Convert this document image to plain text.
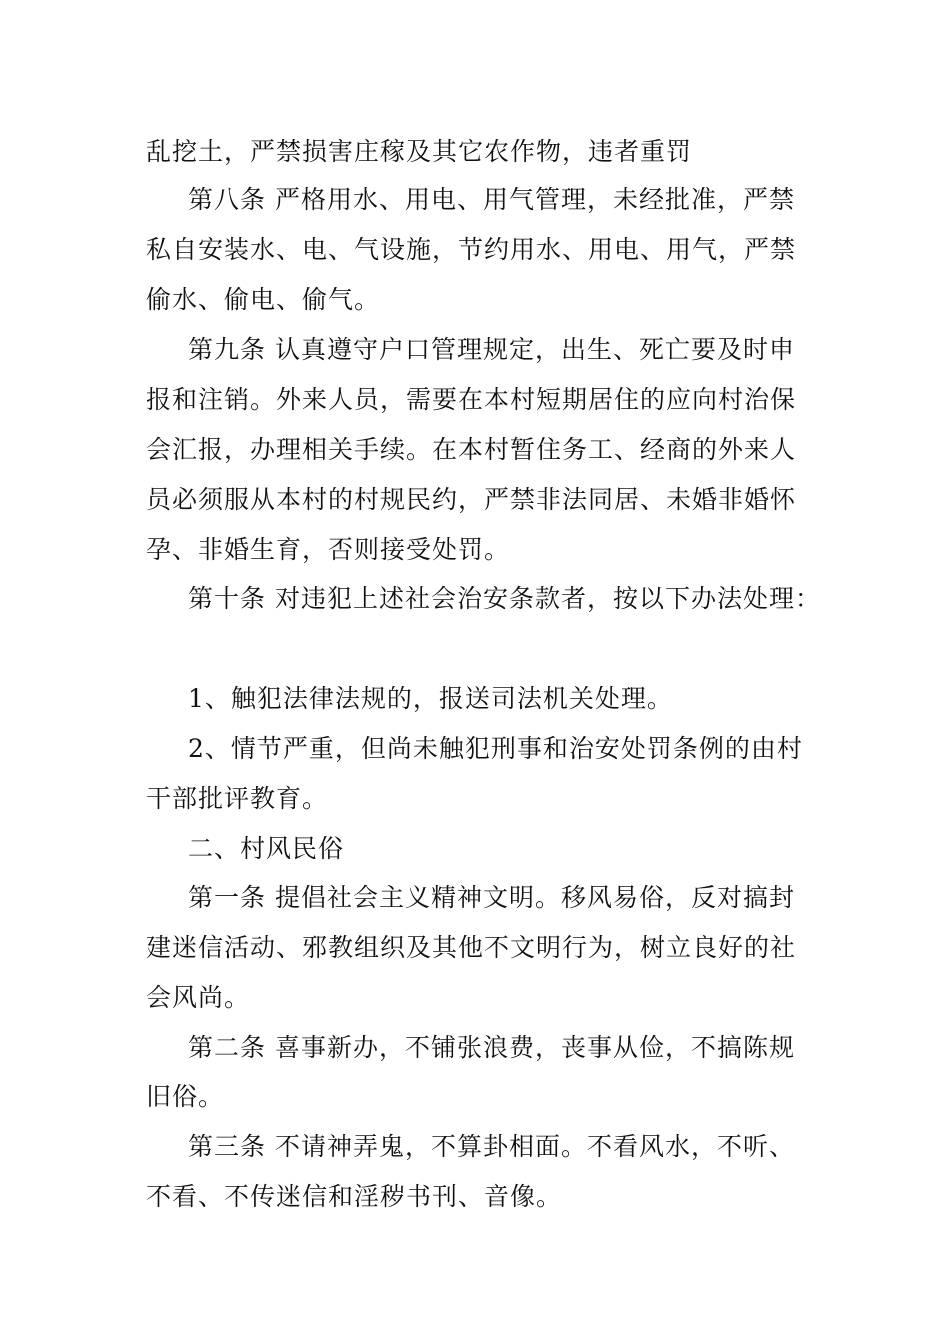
乱挖土，严禁损害庄稼及其它农作物，违者重罚
第八条 严格用水、用电、用气管理，未经批准，严禁
私自安装水、电、气设施，节约用水、用电、用气，严禁
偷水、偷电、偷气。
第九条 认真遵守户口管理规定，出生、死亡要及时申
报和注销。外来人员，需要在本村短期居住的应向村治保
会汇报，办理相关手续。在本村暂住务工、经商的外来人
员必须服从本村的村规民约，严禁非法同居、未婚非婚怀
孕、非婚生育，否则接受处罚。
第十条 对违犯上述社会治安条款者，按以下办法处理：
1、触犯法律法规的，报送司法机关处理。
2、情节严重，但尚未触犯刑事和治安处罚条例的由村
干部批评教育。
二、村风民俗
第一条 提倡社会主义精神文明。移风易俗，反对搞封
建迷信活动、邪教组织及其他不文明行为，树立良好的社
会风尚。
第二条 喜事新办，不铺张浪费，丧事从俭，不搞陈规
旧俗。
第三条 不请神弄鬼，不算卦相面。不看风水，不听、
不看、不传迷信和淫秽书刊、音像。
